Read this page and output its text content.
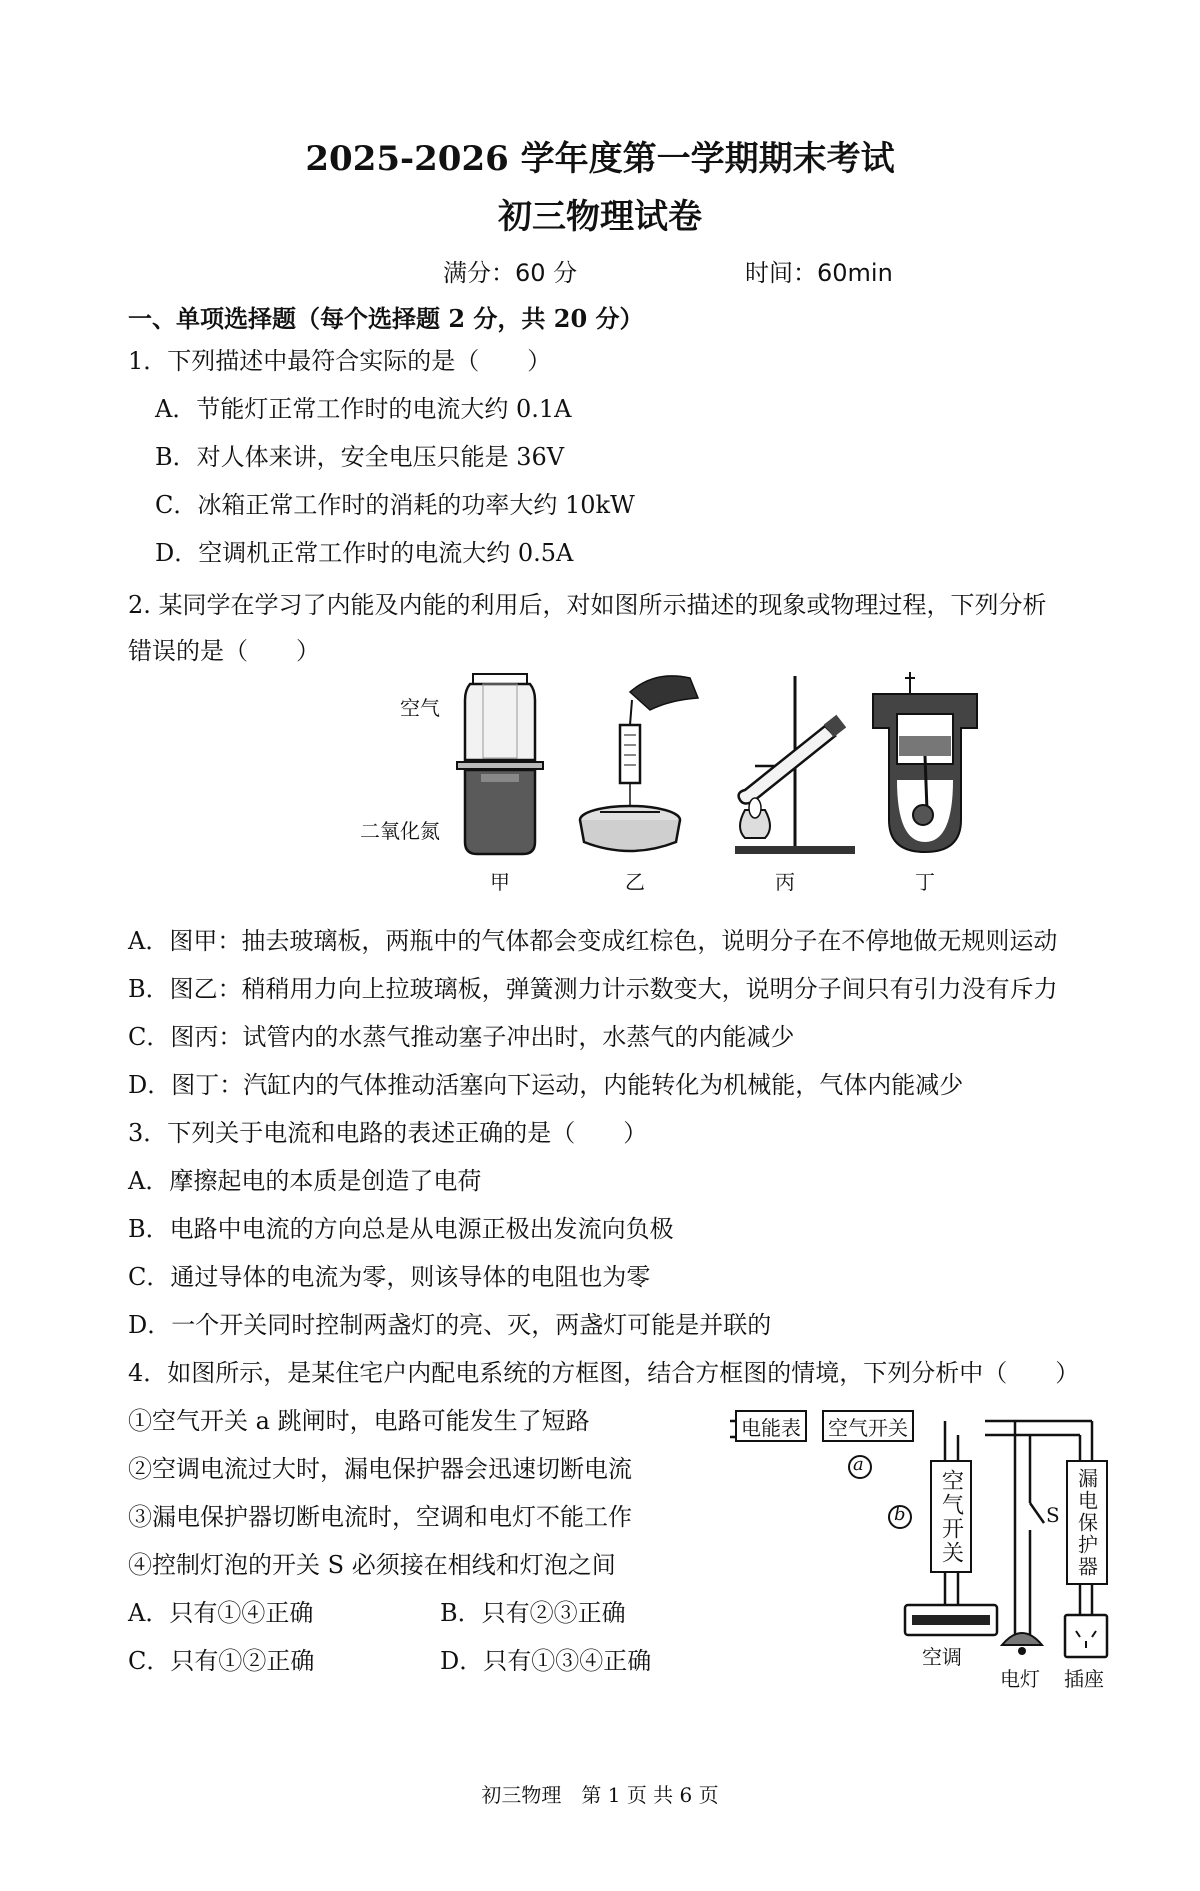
2025-2026 学年度第一学期期末考试
初三物理试卷
满分：60 分	时间：60min
一、单项选择题（每个选择题 2 分，共 20 分）
1．下列描述中最符合实际的是（　　）
A．节能灯正常工作时的电流大约 0.1A
B．对人体来讲，安全电压只能是 36V
C．冰箱正常工作时的消耗的功率大约 10kW
D．空调机正常工作时的电流大约 0.5A
2. 某同学在学习了内能及内能的利用后，对如图所示描述的现象或物理过程，下列分析
错误的是（　　）
空气
二氧化氮
甲	乙	丙	丁
A．图甲：抽去玻璃板，两瓶中的气体都会变成红棕色，说明分子在不停地做无规则运动
B．图乙：稍稍用力向上拉玻璃板，弹簧测力计示数变大，说明分子间只有引力没有斥力
C．图丙：试管内的水蒸气推动塞子冲出时，水蒸气的内能减少
D．图丁：汽缸内的气体推动活塞向下运动，内能转化为机械能，气体内能减少
3．下列关于电流和电路的表述正确的是（　　）
A．摩擦起电的本质是创造了电荷
B．电路中电流的方向总是从电源正极出发流向负极
C．通过导体的电流为零，则该导体的电阻也为零
D．一个开关同时控制两盏灯的亮、灭，两盏灯可能是并联的
4．如图所示，是某住宅户内配电系统的方框图，结合方框图的情境，下列分析中（　　）
①空气开关 a 跳闸时，电路可能发生了短路
②空调电流过大时，漏电保护器会迅速切断电流
③漏电保护器切断电流时，空调和电灯不能工作
④控制灯泡的开关 S 必须接在相线和灯泡之间
A．只有①④正确	B．只有②③正确
C．只有①②正确	D．只有①③④正确
电能表	空气开关
a
b	空气开关	S 漏电保护器
空调
电灯 插座
初三物理　第 1 页 共 6 页
